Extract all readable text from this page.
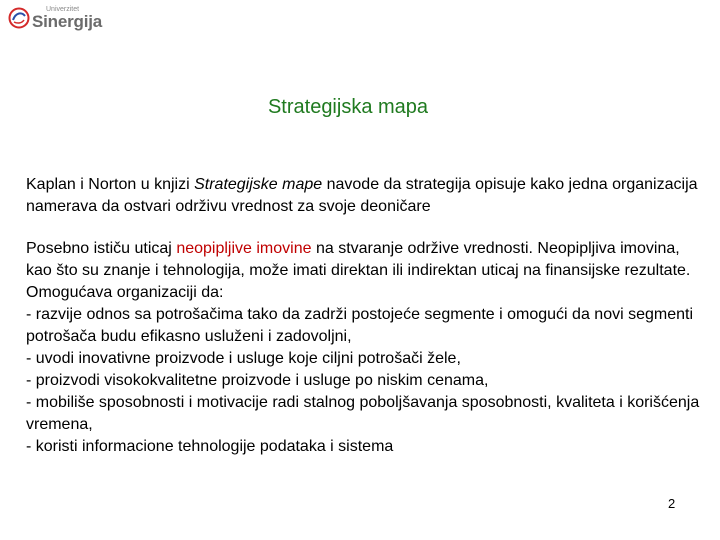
Univerzitet
Sinergija
Strategijska mapa

Kaplan i Norton u knjizi Strategijske mape navode da strategija opisuje kako jedna organizacija namerava da ostvari održivu vrednost za svoje deoničare

Posebno ističu uticaj neopipljive imovine na stvaranje održive vrednosti. Neopipljiva imovina, kao što su znanje i tehnologija, može imati direktan ili indirektan uticaj na finansijske rezultate. Omogućava organizaciji da:
- razvije odnos sa potrošačima tako da zadrži postojeće segmente i omogući da novi segmenti potrošača budu efikasno usluženi i zadovoljni,
- uvodi inovativne proizvode i usluge koje ciljni potrošači žele,
- proizvodi visokokvalitetne proizvode i usluge po niskim cenama,
- mobiliše sposobnosti i motivacije radi stalnog poboljšavanja sposobnosti, kvaliteta i korišćenja vremena,
- koristi informacione tehnologije podataka i sistema

2
